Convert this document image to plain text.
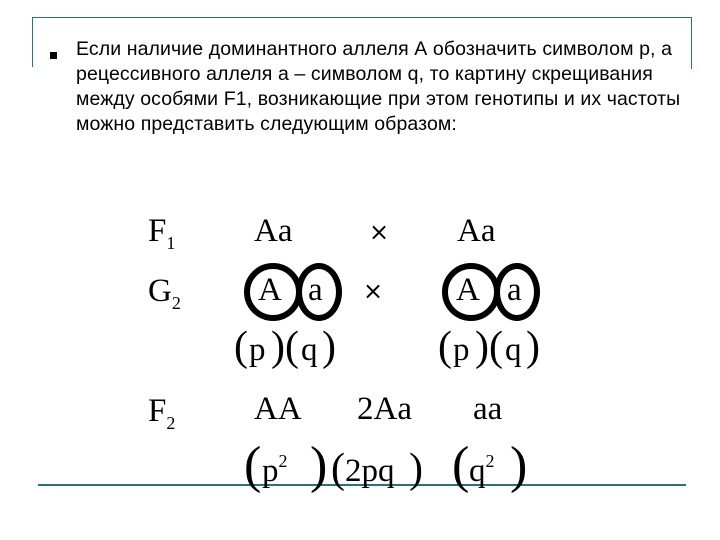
Если наличие доминантного аллеля А обозначить символом p, а рецессивного аллеля а – символом q, то картину скрещивания между особями F1, возникающие при этом генотипы и их частоты можно представить следующим образом:
$F_1$ Aa	× Aa
$G_2$ A a × A a
( p )( q ) ( p )( q )
$F_2$ AA 2Aa aa
( $p^2$ ) ( 2pq ) ( $q^2$ )
